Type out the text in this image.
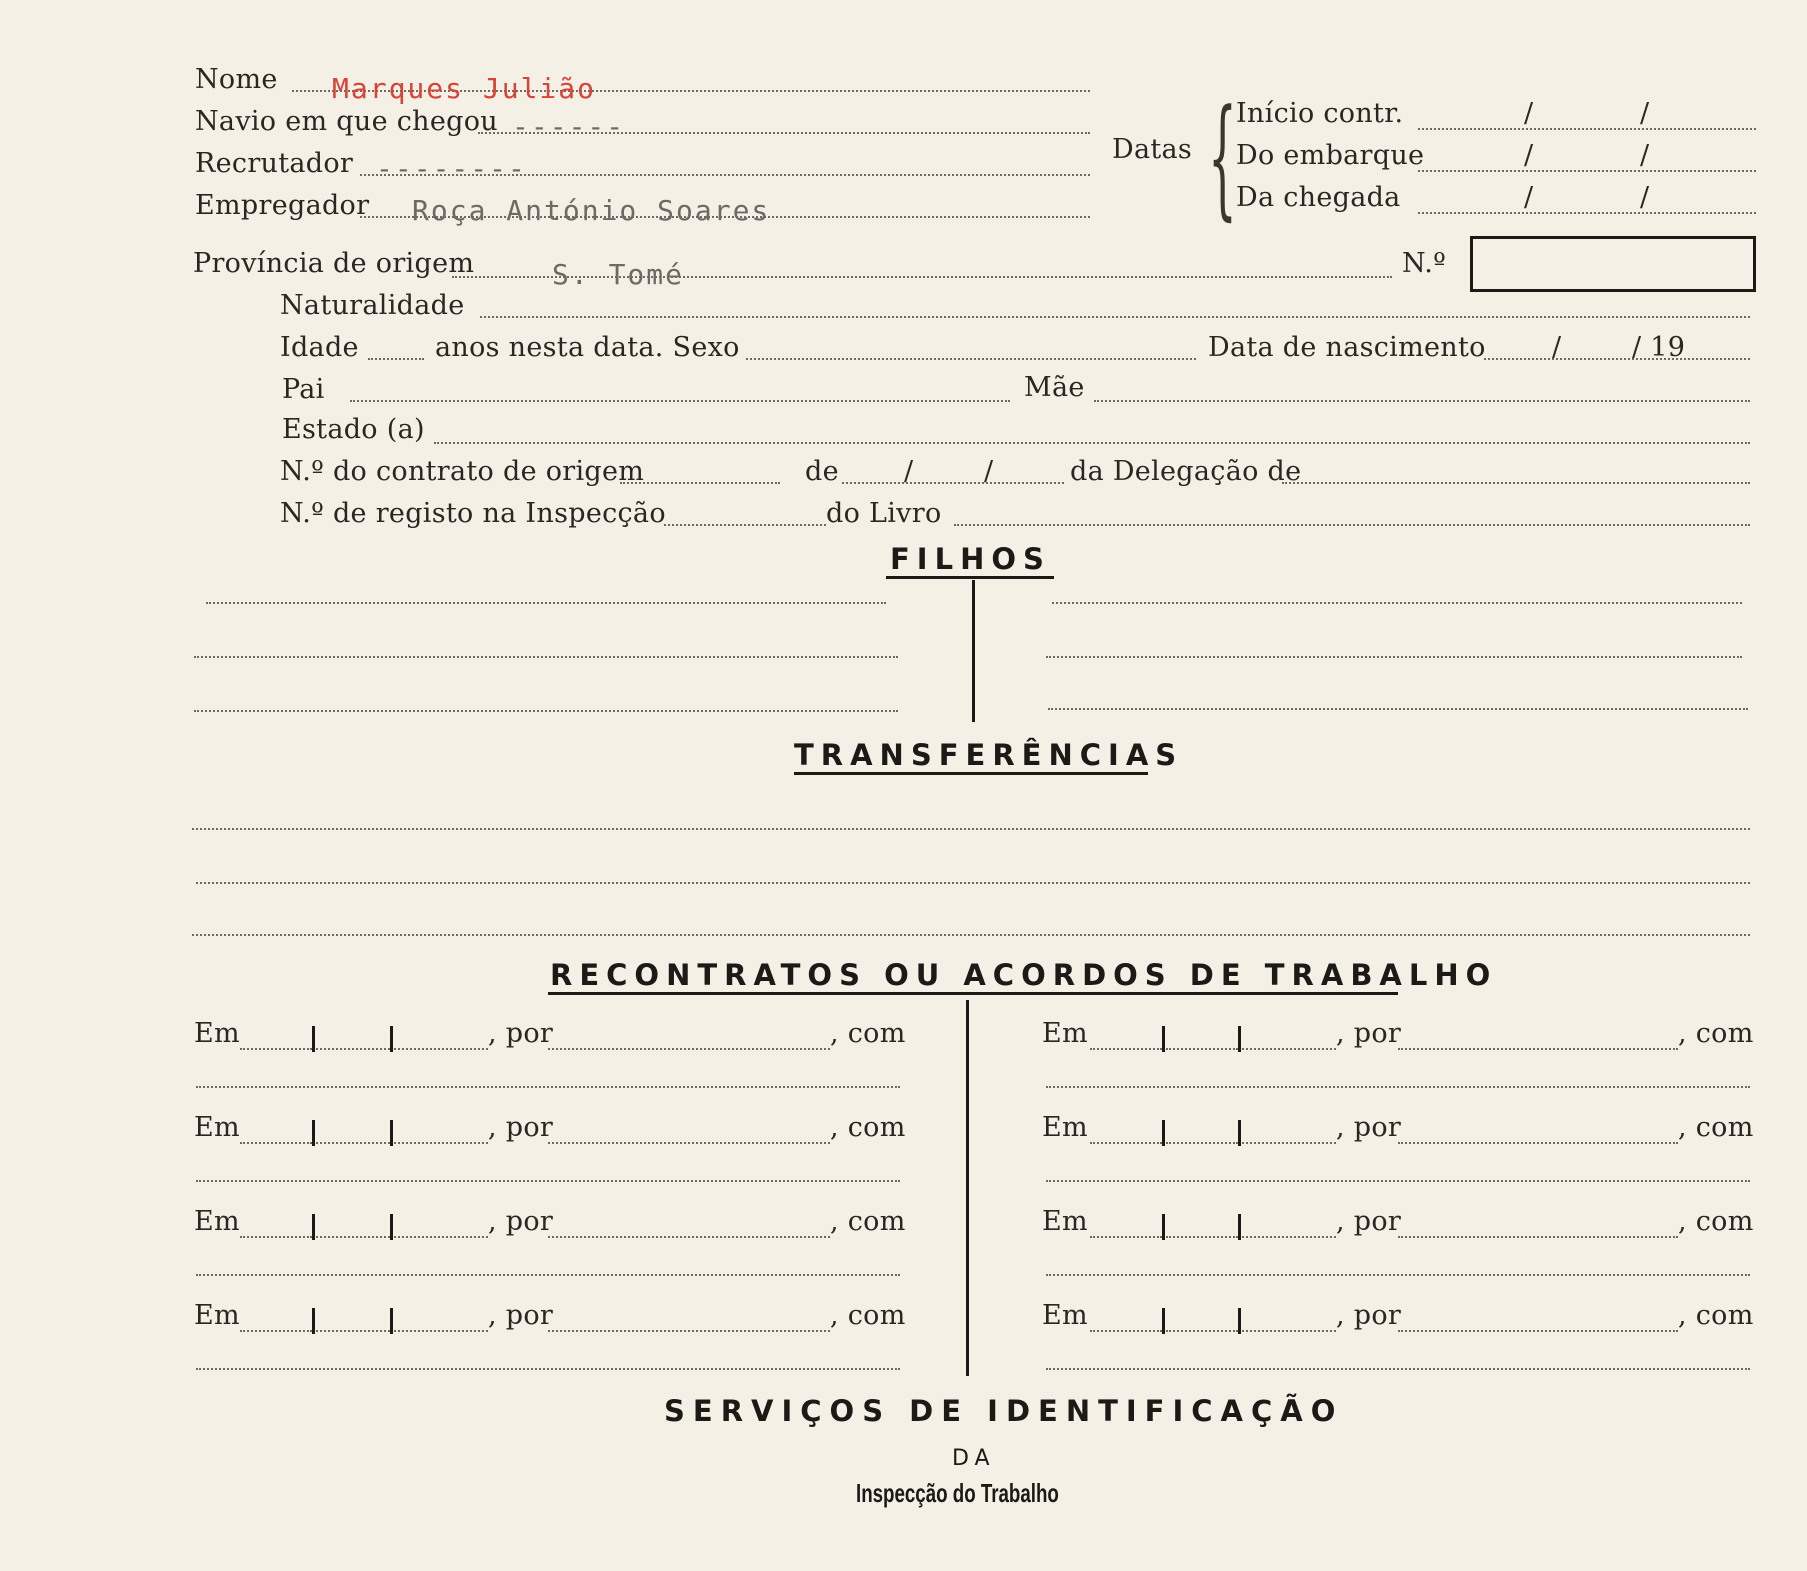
Nome Marques Julião
Navio em que chegou ------
Recrutador --------
Empregador Roça António Soares
Datas { Início contr.	/	/
Do embarque	/	/
Da chegada	/	/
Província de origem	S. Tomé	N.º
Naturalidade
Idade	anos nesta data. Sexo	Data de nascimento /	/ 19
Pai	Mãe
Estado (a)
N.º do contrato de origem	de /	/	da Delegação de
N.º de registo na Inspecção	do Livro
FILHOS
TRANSFERÊNCIAS
RECONTRATOS OU ACORDOS DE TRABALHO
Em	, por	, com	Em	, por	, com
Em	, por	, com	Em	, por	, com
Em	, por	, com	Em	, por	, com
Em	, por	, com	Em	, por	, com
SERVIÇOS DE IDENTIFICAÇÃO
DA
Inspecção do Trabalho
